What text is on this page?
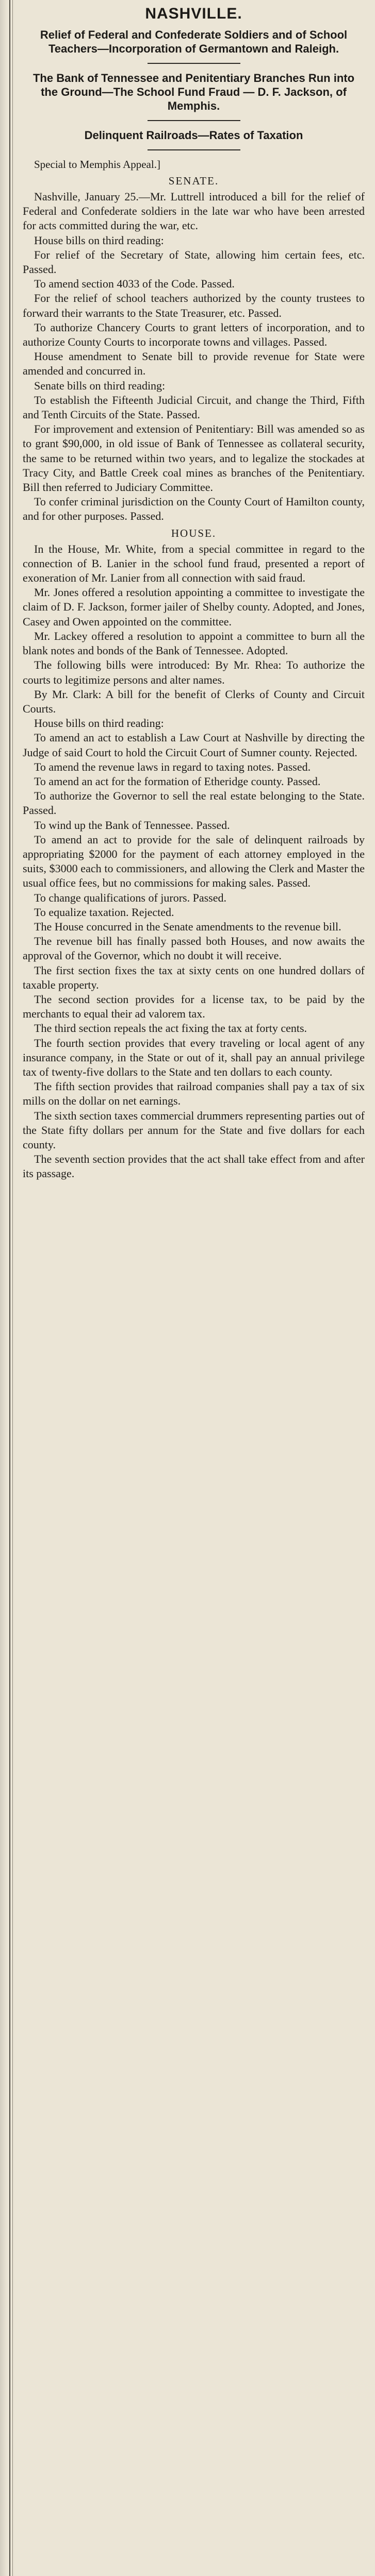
NASHVILLE.
Relief of Federal and Confederate Soldiers and of School Teachers—Incorporation of Germantown and Raleigh.
The Bank of Tennessee and Penitentiary Branches Run into the Ground—The School Fund Fraud — D. F. Jackson, of Memphis.
Delinquent Railroads—Rates of Taxation
Special to Memphis Appeal.]
SENATE.

Nashville, January 25.—Mr. Luttrell introduced a bill for the relief of Federal and Confederate soldiers in the late war who have been arrested for acts committed during the war, etc.

House bills on third reading:

For relief of the Secretary of State, allowing him certain fees, etc. Passed.

To amend section 4033 of the Code. Passed.

For the relief of school teachers authorized by the county trustees to forward their warrants to the State Treasurer, etc. Passed.

To authorize Chancery Courts to grant letters of incorporation, and to authorize County Courts to incorporate towns and villages. Passed.

House amendment to Senate bill to provide revenue for State were amended and concurred in.

Senate bills on third reading:

To establish the Fifteenth Judicial Circuit, and change the Third, Fifth and Tenth Circuits of the State. Passed.

For improvement and extension of Penitentiary: Bill was amended so as to grant $90,000, in old issue of Bank of Tennessee as collateral security, the same to be returned within two years, and to legalize the stockades at Tracy City, and Battle Creek coal mines as branches of the Penitentiary. Bill then referred to Judiciary Committee.

To confer criminal jurisdiction on the County Court of Hamilton county, and for other purposes. Passed.

HOUSE.

In the House, Mr. White, from a special committee in regard to the connection of B. Lanier in the school fund fraud, presented a report of exoneration of Mr. Lanier from all connection with said fraud.

Mr. Jones offered a resolution appointing a committee to investigate the claim of D. F. Jackson, former jailer of Shelby county. Adopted, and Jones, Casey and Owen appointed on the committee.

Mr. Lackey offered a resolution to appoint a committee to burn all the blank notes and bonds of the Bank of Tennessee. Adopted.

The following bills were introduced: By Mr. Rhea: To authorize the courts to legitimize persons and alter names.

By Mr. Clark: A bill for the benefit of Clerks of County and Circuit Courts.

House bills on third reading:

To amend an act to establish a Law Court at Nashville by directing the Judge of said Court to hold the Circuit Court of Sumner county. Rejected.

To amend the revenue laws in regard to taxing notes. Passed.

To amend an act for the formation of Etheridge county. Passed.

To authorize the Governor to sell the real estate belonging to the State. Passed.

To wind up the Bank of Tennessee. Passed.

To amend an act to provide for the sale of delinquent railroads by appropriating $2000 for the payment of each attorney employed in the suits, $3000 each to commissioners, and allowing the Clerk and Master the usual office fees, but no commissions for making sales. Passed.

To change qualifications of jurors. Passed.

To equalize taxation. Rejected.

The House concurred in the Senate amendments to the revenue bill.

The revenue bill has finally passed both Houses, and now awaits the approval of the Governor, which no doubt it will receive.

The first section fixes the tax at sixty cents on one hundred dollars of taxable property.

The second section provides for a license tax, to be paid by the merchants to equal their ad valorem tax.

The third section repeals the act fixing the tax at forty cents.

The fourth section provides that every traveling or local agent of any insurance company, in the State or out of it, shall pay an annual privilege tax of twenty-five dollars to the State and ten dollars to each county.

The fifth section provides that railroad companies shall pay a tax of six mills on the dollar on net earnings.

The sixth section taxes commercial drummers representing parties out of the State fifty dollars per annum for the State and five dollars for each county.

The seventh section provides that the act shall take effect from and after its passage.
